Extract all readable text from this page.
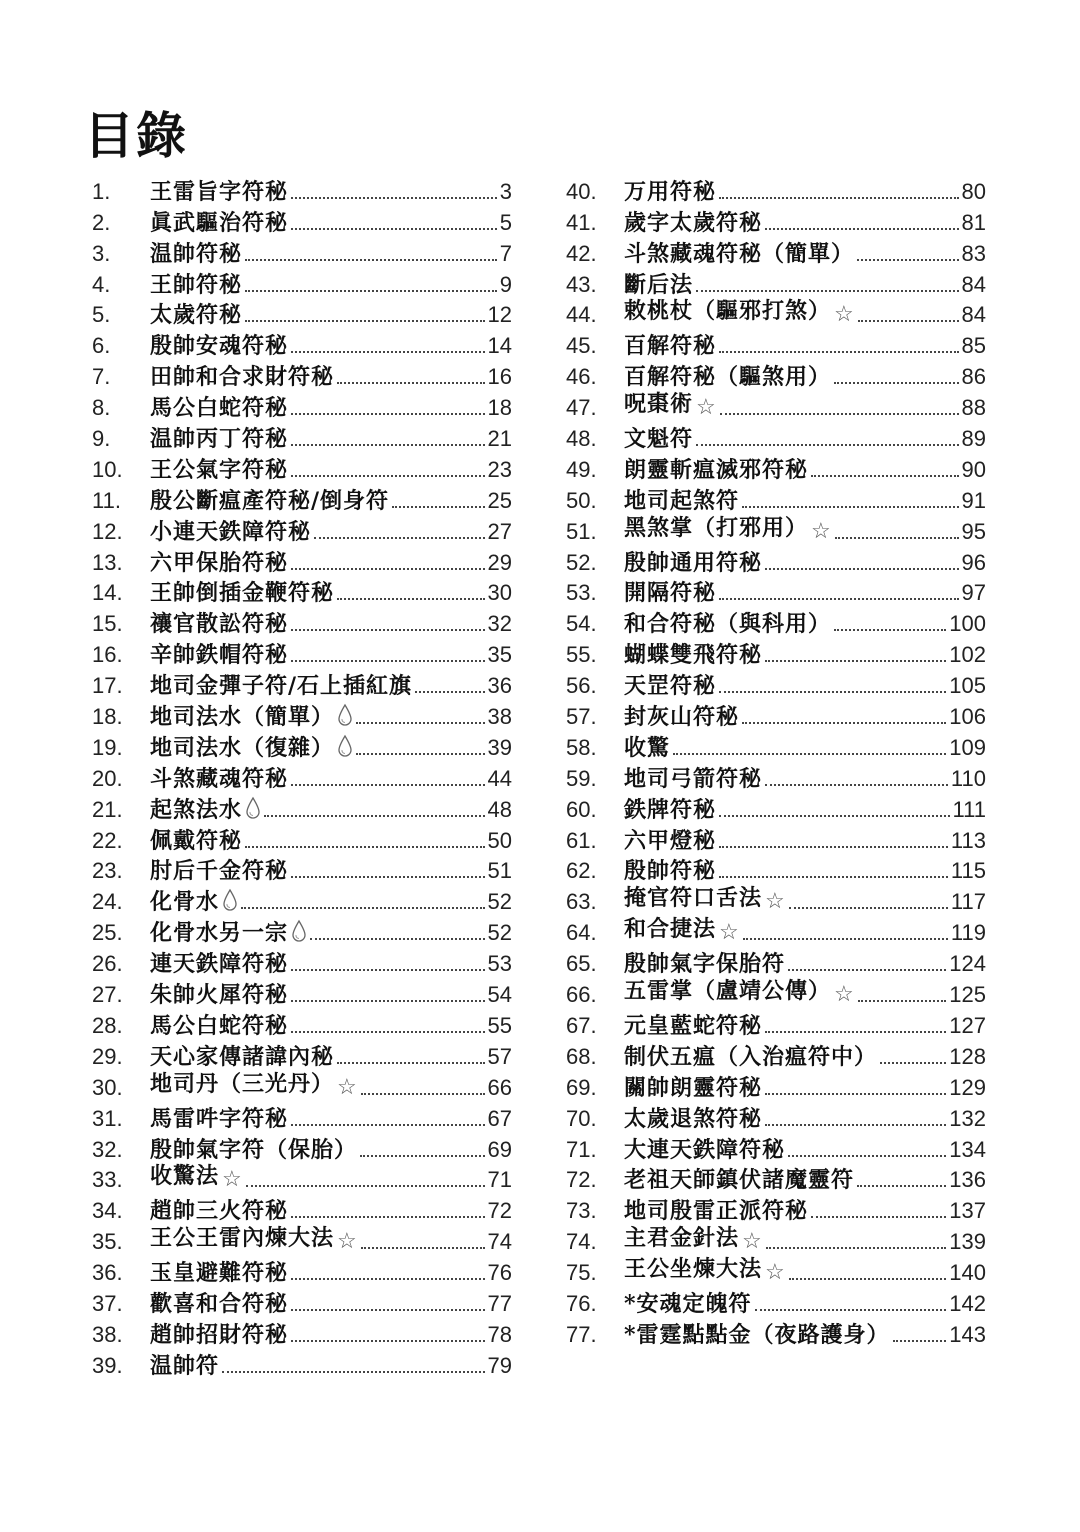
目錄
1.	王雷旨字符秘	3
2.	眞武驅治符秘	5
3.	温帥符秘	7
4.	王帥符秘	9
5.	太歲符秘	12
6.	殷帥安魂符秘	14
7.	田帥和合求財符秘	16
8.	馬公白蛇符秘	18
9.	温帥丙丁符秘	21
10.	王公氣字符秘	23
11.	殷公斷瘟產符秘/倒身符	25
12.	小連天鉄障符秘	27
13.	六甲保胎符秘	29
14.	王帥倒插金鞭符秘	30
15.	禳官散訟符秘	32
16.	辛帥鉄帽符秘	35
17.	地司金彈子符/石上插紅旗	36
18.	地司法水（簡單）	38
19.	地司法水（復雜）	39
20.	斗煞藏魂符秘	44
21.	起煞法水	48
22.	佩戴符秘	50
23.	肘后千金符秘	51
24.	化骨水	52
25.	化骨水另一宗	52
26.	連天鉄障符秘	53
27.	朱帥火犀符秘	54
28.	馬公白蛇符秘	55
29.	天心家傳諸諱內秘	57
30.	地司丹（三光丹） ☆	66
31.	馬雷吽字符秘	67
32.	殷帥氣字符（保胎）	69
33.	收驚法 ☆	71
34.	趙帥三火符秘	72
35.	王公王雷內煉大法 ☆	74
36.	玉皇避難符秘	76
37.	歡喜和合符秘	77
38.	趙帥招財符秘	78
39.	温帥符	79
40.	万用符秘	80
41.	歲字太歲符秘	81
42.	斗煞藏魂符秘（簡單）	83
43.	斷后法	84
44.	敕桃杖（驅邪打煞） ☆	84
45.	百解符秘	85
46.	百解符秘（驅煞用）	86
47.	呪棗術 ☆	88
48.	文魁符	89
49.	朗靈斬瘟滅邪符秘	90
50.	地司起煞符	91
51.	黑煞掌（打邪用） ☆	95
52.	殷帥通用符秘	96
53.	開隔符秘	97
54.	和合符秘（與科用）	100
55.	蝴蝶雙飛符秘	102
56.	天罡符秘	105
57.	封灰山符秘	106
58.	收驚	109
59.	地司弓箭符秘	110
60.	鉄牌符秘	111
61.	六甲燈秘	113
62.	殷帥符秘	115
63.	掩官符口舌法 ☆	117
64.	和合捷法 ☆	119
65.	殷帥氣字保胎符	124
66.	五雷掌（盧靖公傳） ☆	125
67.	元皇藍蛇符秘	127
68.	制伏五瘟（入治瘟符中）	128
69.	關帥朗靈符秘	129
70.	太歲退煞符秘	132
71.	大連天鉄障符秘	134
72.	老祖天師鎮伏諸魔靈符	136
73.	地司殷雷正派符秘	137
74.	主君金針法 ☆	139
75.	王公坐煉大法 ☆	140
76.	*安魂定魄符	142
77.	*雷霆點點金（夜路護身）	143
